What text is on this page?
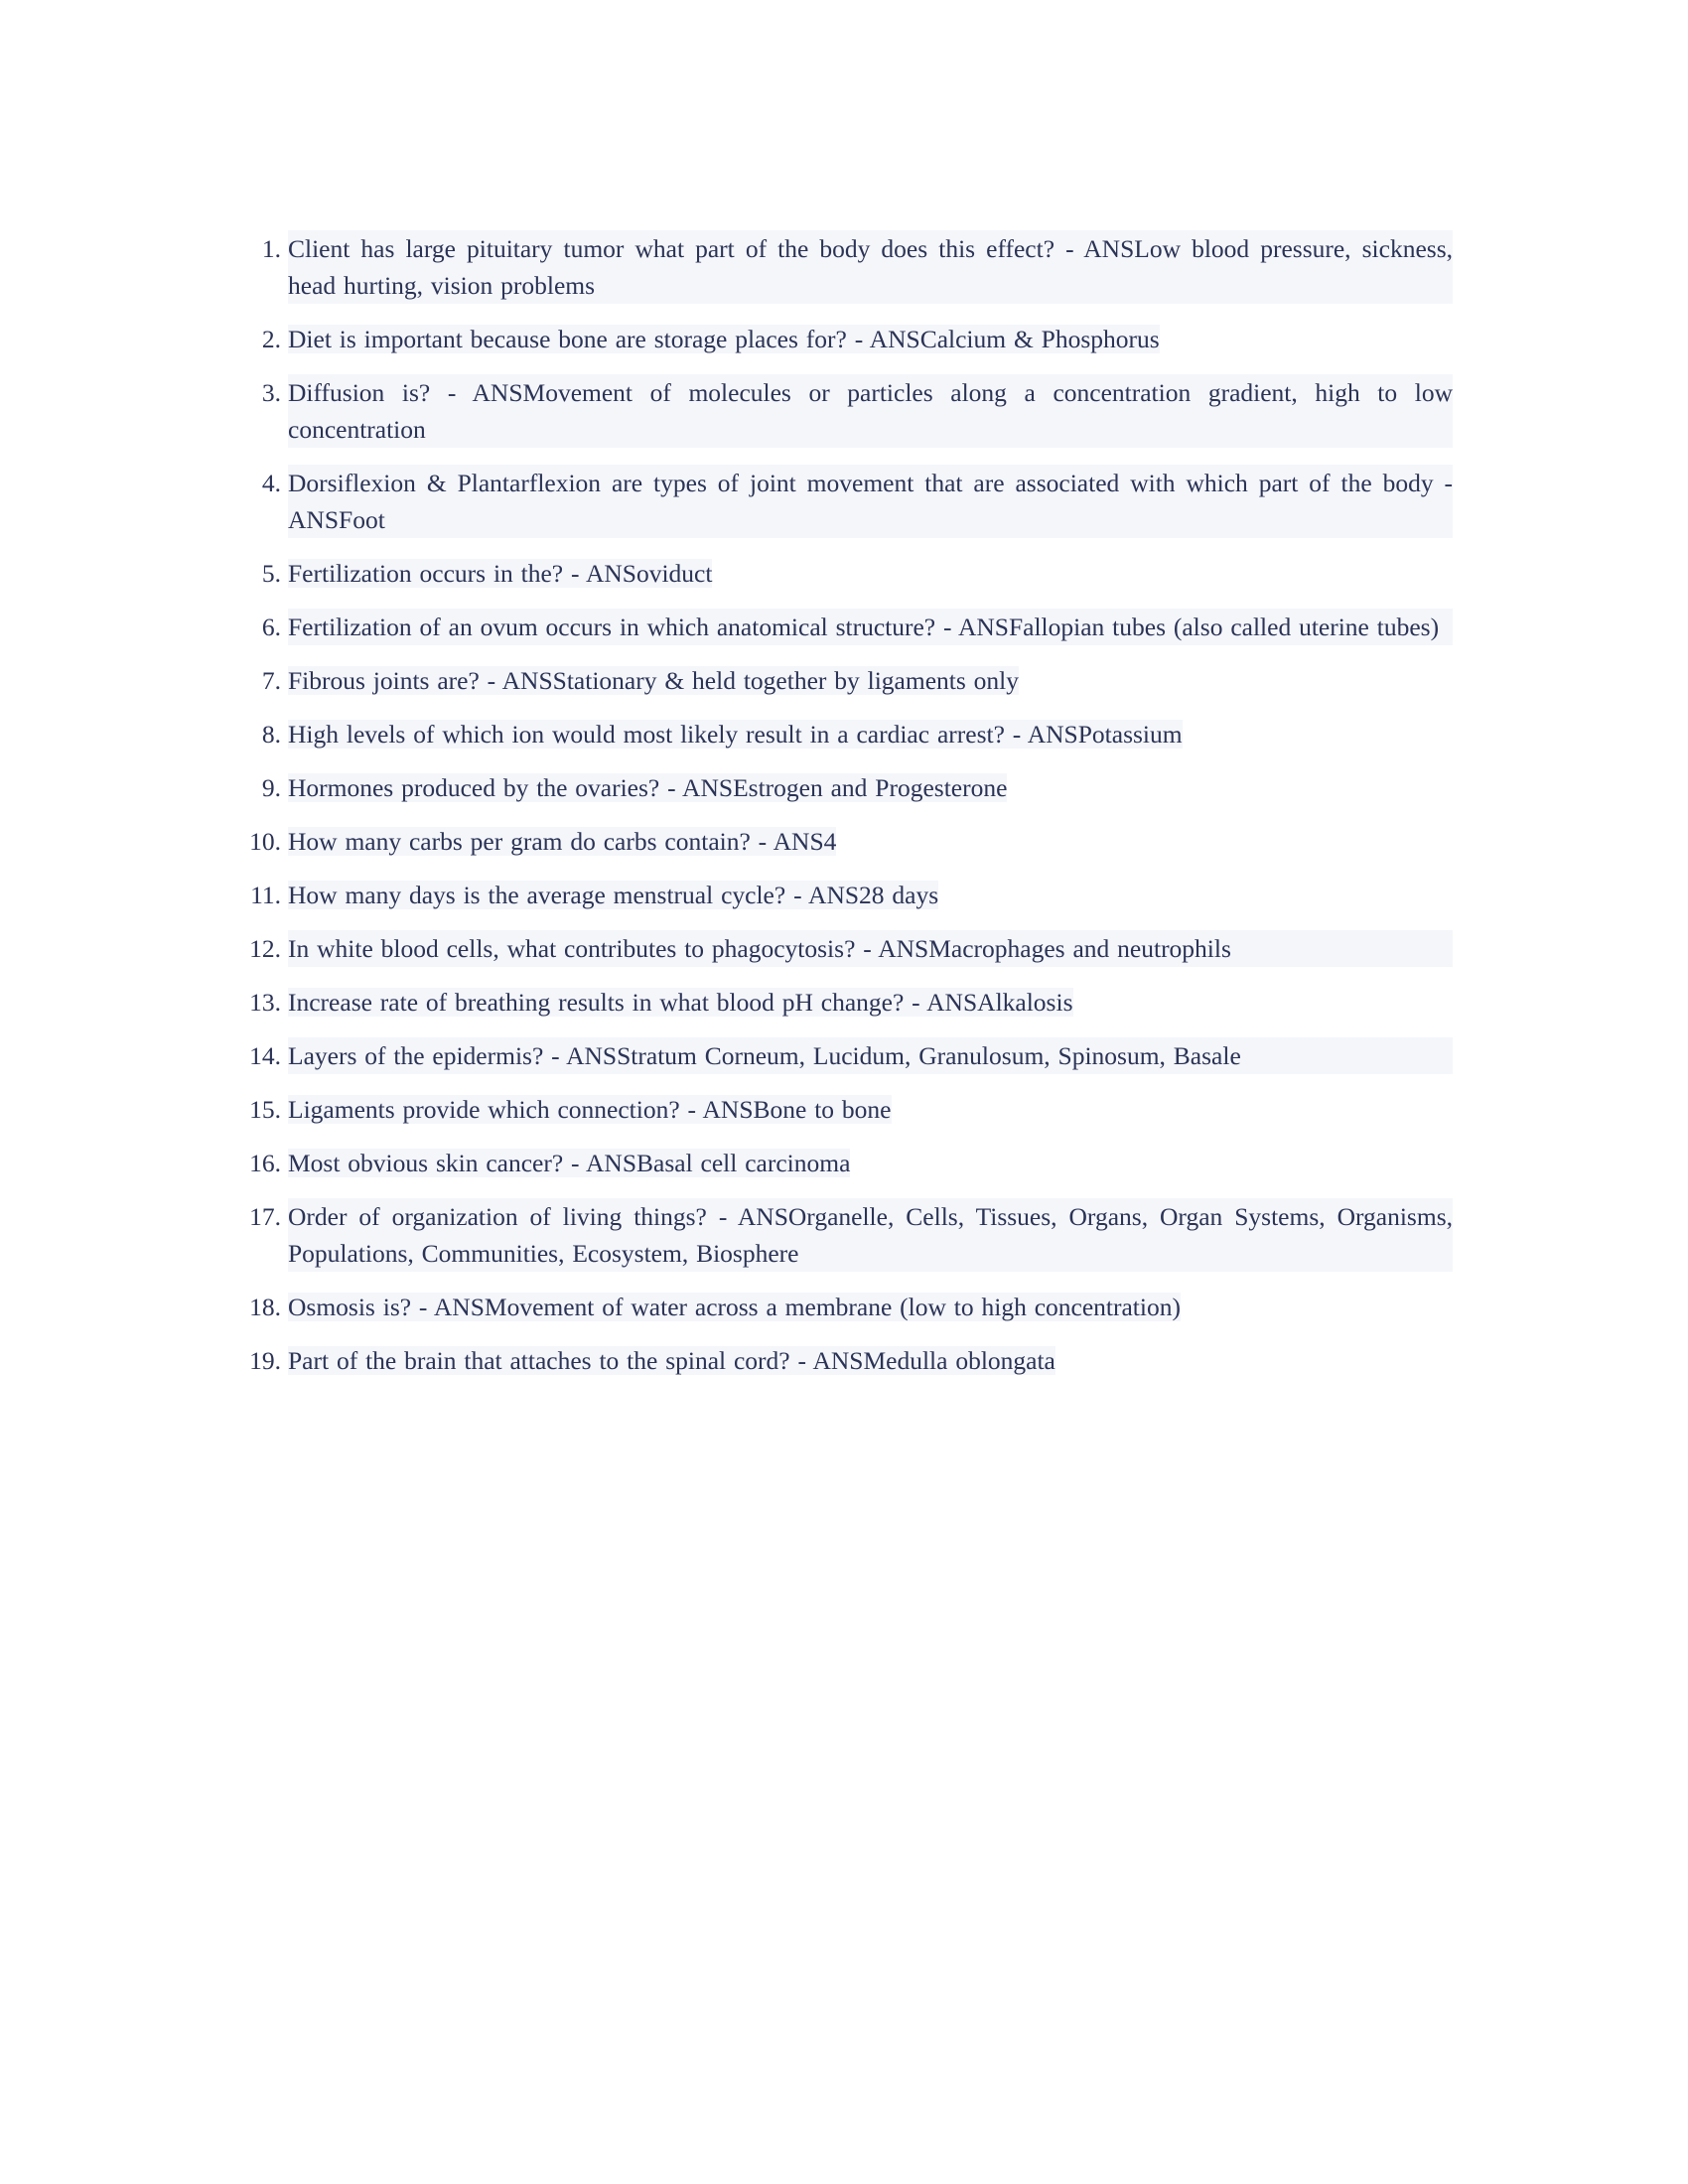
Client has large pituitary tumor what part of the body does this effect? - ANSLow blood pressure, sickness, head hurting, vision problems
Diet is important because bone are storage places for? - ANSCalcium & Phosphorus
Diffusion is? - ANSMovement of molecules or particles along a concentration gradient, high to low concentration
Dorsiflexion & Plantarflexion are types of joint movement that are associated with which part of the body - ANSFoot
Fertilization occurs in the? - ANSoviduct
Fertilization of an ovum occurs in which anatomical structure? - ANSFallopian tubes (also called uterine tubes)
Fibrous joints are? - ANSStationary & held together by ligaments only
High levels of which ion would most likely result in a cardiac arrest? - ANSPotassium
Hormones produced by the ovaries? - ANSEstrogen and Progesterone
How many carbs per gram do carbs contain? - ANS4
How many days is the average menstrual cycle? - ANS28 days
In white blood cells, what contributes to phagocytosis? - ANSMacrophages and neutrophils
Increase rate of breathing results in what blood pH change? - ANSAlkalosis
Layers of the epidermis? - ANSStratum Corneum, Lucidum, Granulosum, Spinosum, Basale
Ligaments provide which connection? - ANSBone to bone
Most obvious skin cancer? - ANSBasal cell carcinoma
Order of organization of living things? - ANSOrganelle, Cells, Tissues, Organs, Organ Systems, Organisms, Populations, Communities, Ecosystem, Biosphere
Osmosis is? - ANSMovement of water across a membrane (low to high concentration)
Part of the brain that attaches to the spinal cord? - ANSMedulla oblongata
